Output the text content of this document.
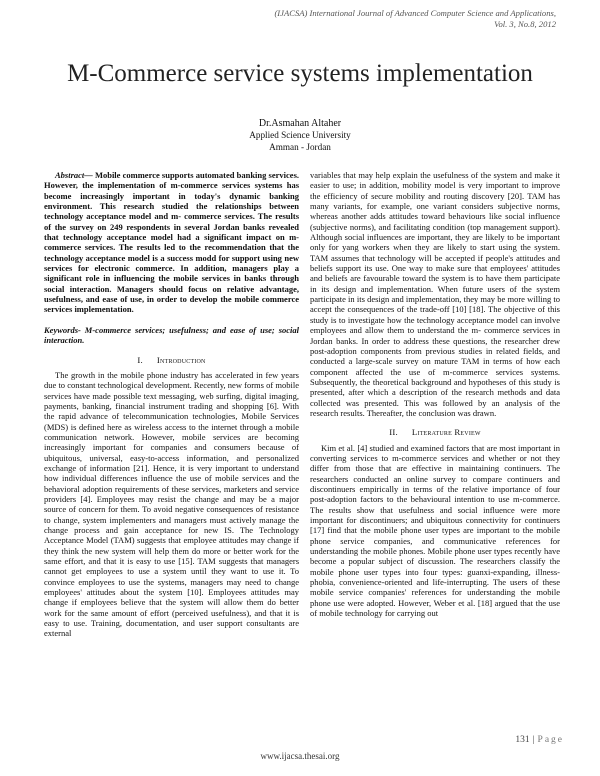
(IJACSA) International Journal of Advanced Computer Science and Applications,
Vol. 3, No.8, 2012
M-Commerce service systems implementation
Dr.Asmahan Altaher
Applied Science University
Amman - Jordan

Abstract— Mobile commerce supports automated banking services. However, the implementation of m-commerce services systems has become increasingly important in today's dynamic banking environment. This research studied the relationships between technology acceptance model and m- commerce services. The results of the survey on 249 respondents in several Jordan banks revealed that technology acceptance model had a significant impact on m-commerce services. The results led to the recommendation that the technology acceptance model is a success modd for support using new services for electronic commerce. In addition, managers play a significant role in influencing the mobile services in banks through social interaction. Managers should focus on relative advantage, usefulness, and ease of use, in order to develop the mobile commerce services implementation.

Keywords- M-commerce services; usefulness; and ease of use; social interaction.

I. Introduction

The growth in the mobile phone industry has accelerated in few years due to constant technological development. Recently, new forms of mobile services have made possible text messaging, web surfing, digital imaging, payments, banking, financial instrument trading and shopping [6]. With the rapid advance of telecommunication technologies, Mobile Services (MDS) is defined here as wireless access to the internet through a mobile communication network. However, mobile services are becoming increasingly important for companies and consumers because of ubiquitous, universal, easy-to-access information, and personalized exchange of information [21]. Hence, it is very important to understand how individual differences influence the use of mobile services and the behavioral adoption requirements of these services, marketers and service providers [4]. Employees may resist the change and may be a major source of concern for them. To avoid negative consequences of resistance to change, system implementers and managers must actively manage the change process and gain acceptance for new IS. The Technology Acceptance Model (TAM) suggests that employee attitudes may change if they think the new system will help them do more or better work for the same effort, and that it is easy to use [15]. TAM suggests that managers cannot get employees to use a system until they want to use it. To convince employees to use the systems, managers may need to change employees' attitudes about the system [10]. Employees attitudes may change if employees believe that the system will allow them do better work for the same amount of effort (perceived usefulness), and that it is easy to use. Training, documentation, and user support consultants are external

variables that may help explain the usefulness of the system and make it easier to use; in addition, mobility model is very important to improve the efficiency of secure mobility and routing discovery [20]. TAM has many variants, for example, one variant considers subjective norms, whereas another adds attitudes toward behaviours like social influence (subjective norms), and facilitating condition (top management support). Although social influences are important, they are likely to be important only for yang workers when they are likely to start using the system. TAM assumes that technology will be accepted if people's attitudes and beliefs support its use. One way to make sure that employees' attitudes and beliefs are favourable toward the system is to have them participate in its design and implementation. When future users of the system participate in its design and implementation, they may be more willing to accept the consequences of the trade-off [10] [18]. The objective of this study is to investigate how the technology acceptance model can involve employees and allow them to understand the m- commerce services in Jordan banks. In order to address these questions, the researcher drew post-adoption components from previous studies in related fields, and conducted a large-scale survey on mature TAM in terms of how each component affected the use of m-commerce services systems. Subsequently, the theoretical background and hypotheses of this study is presented, after which a description of the research methods and data collected was presented. This was followed by an analysis of the research results. Thereafter, the conclusion was drawn.

II. Literature Review

Kim et al. [4] studied and examined factors that are most important in converting services to m-commerce services and whether or not they differ from those that are effective in maintaining continuers. The researchers conducted an online survey to compare continuers and discontinuers empirically in terms of the relative importance of four post-adoption factors to the behavioural intention to use m-commerce. The results show that usefulness and social influence were more important for discontinuers; and ubiquitous connectivity for continuers [17] find that the mobile phone user types are important to the mobile phone service companies, and communicative references for understanding the mobile phones. Mobile phone user types recently have become a popular subject of discussion. The researchers classify the mobile phone user types into four types: guanxi-expanding, illness-phobia, convenience-oriented and life-interrupting. The users of these mobile service companies' references for understanding the mobile phone use were adopted. However, Weber et al. [18] argued that the use of mobile technology for carrying out

131 | Page
www.ijacsa.thesai.org
